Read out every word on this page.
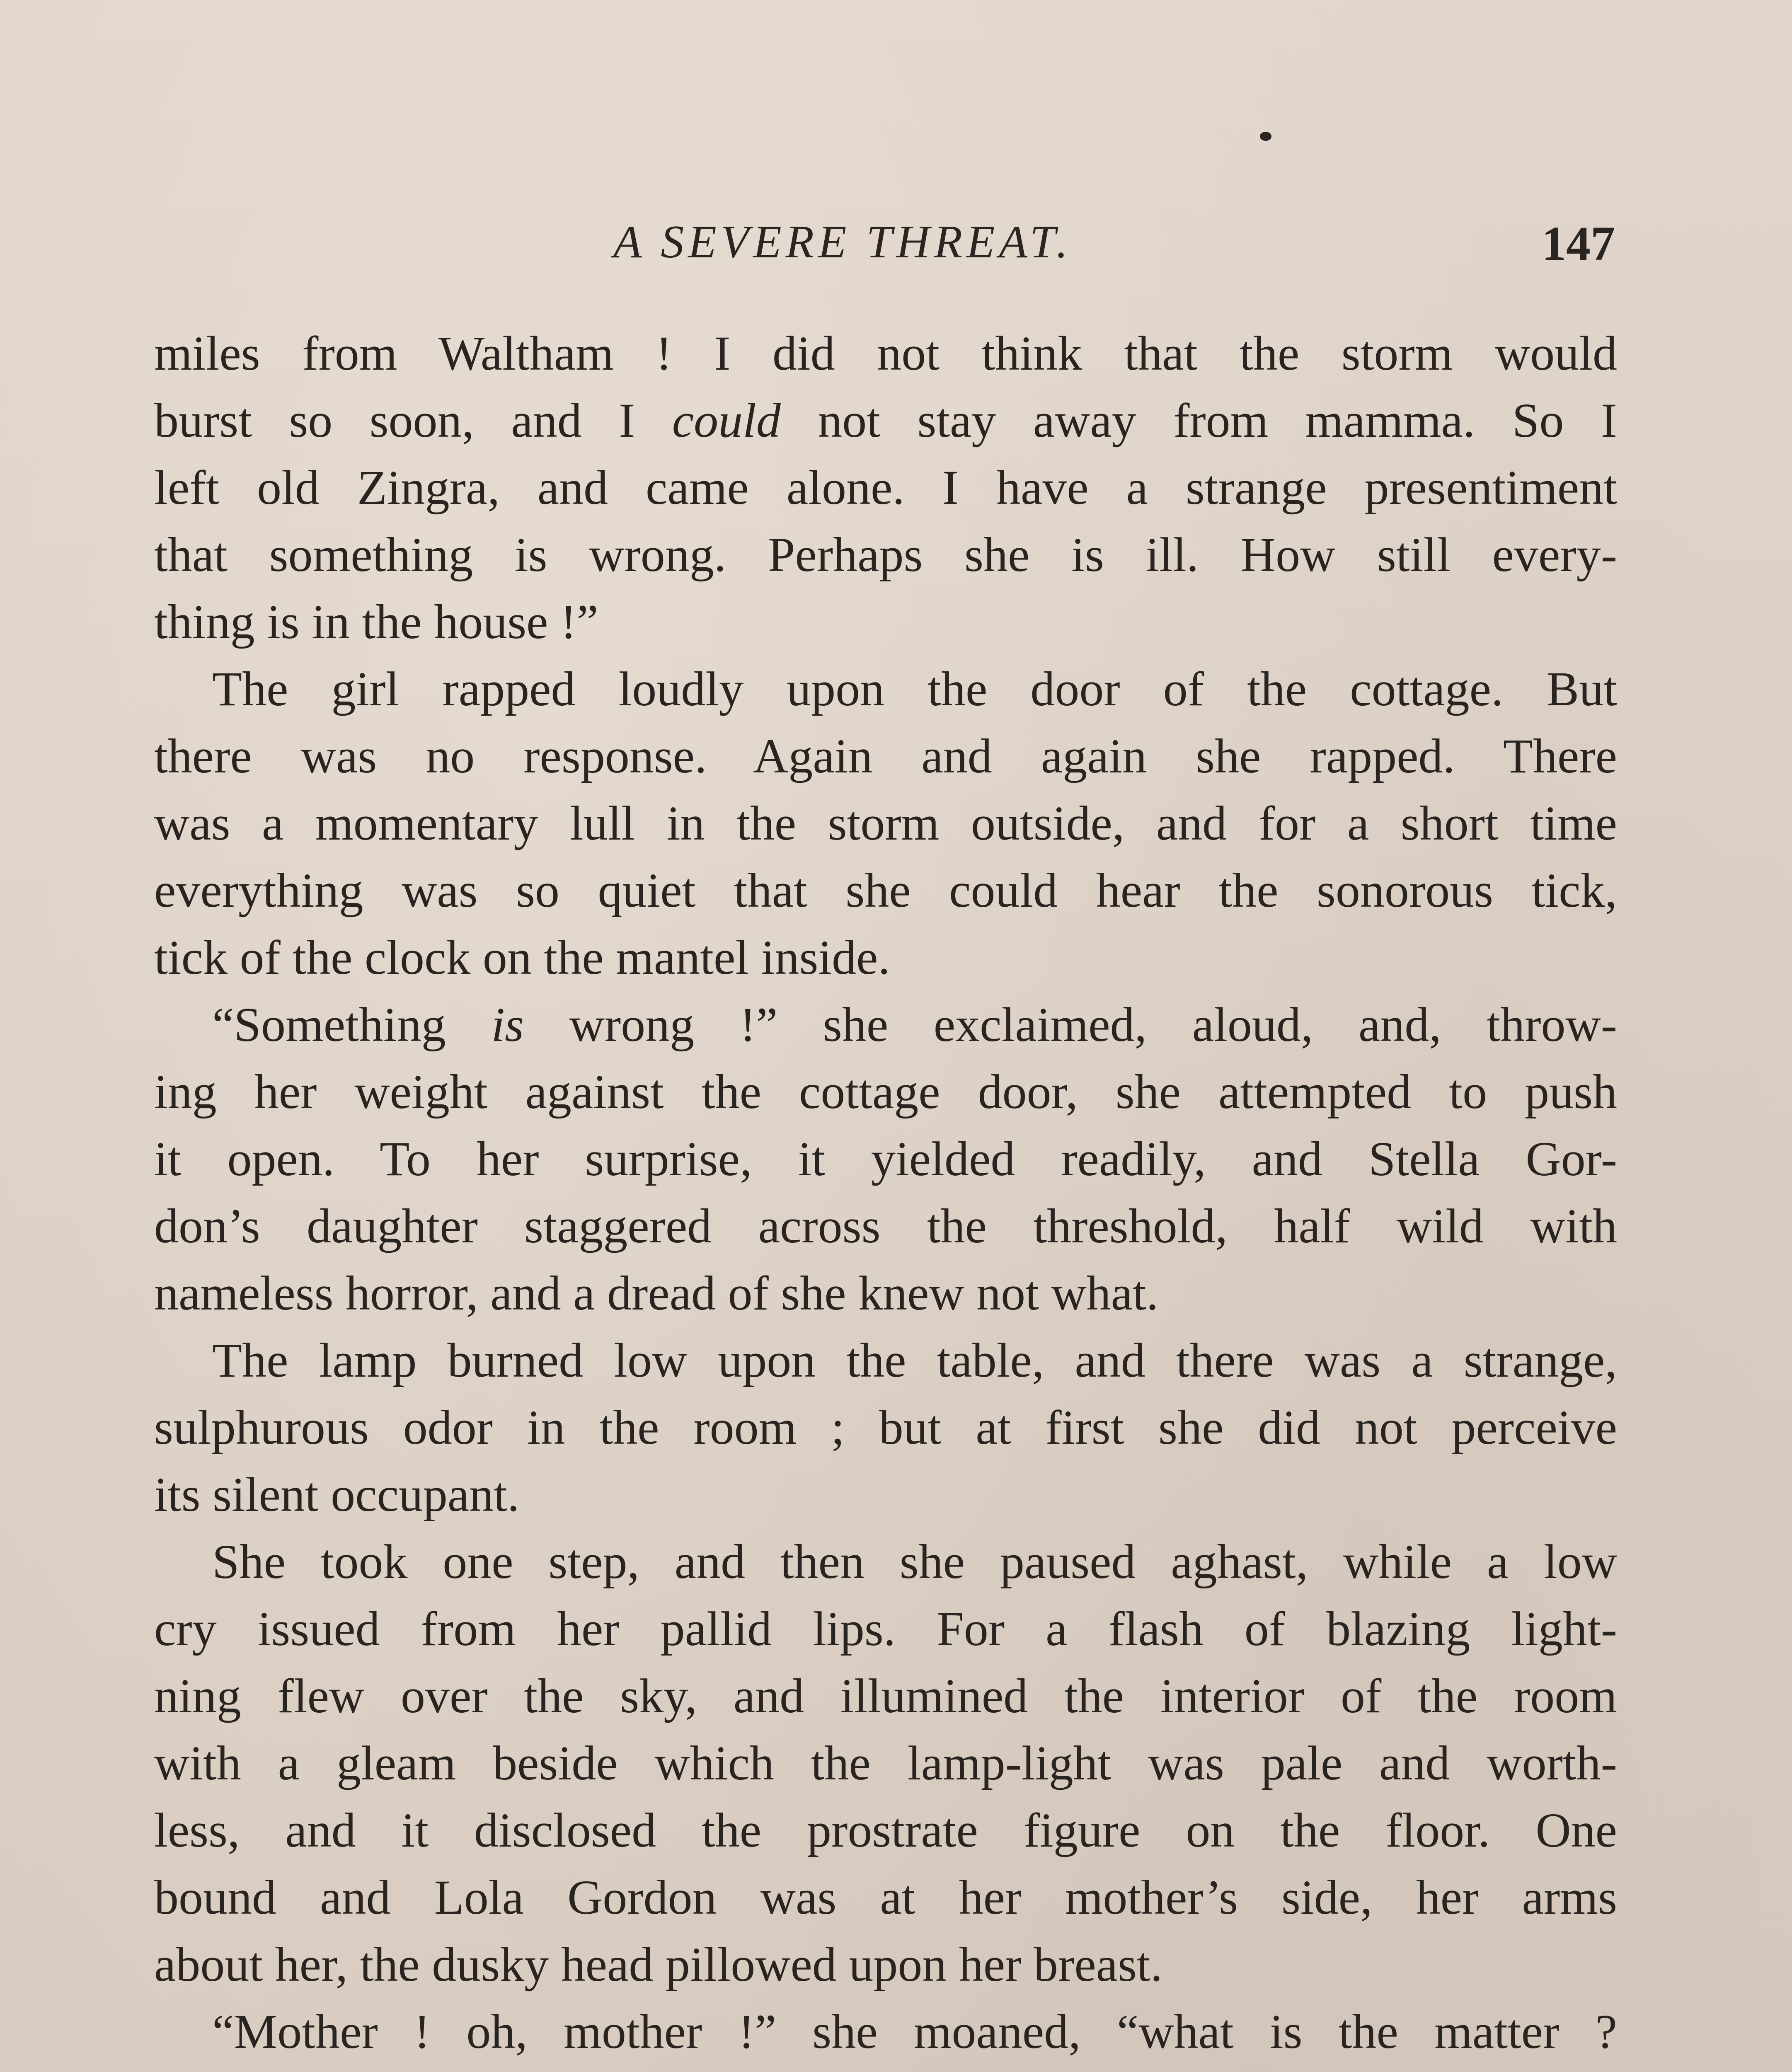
A SEVERE THREAT.	147
miles from Waltham ! I did not think that the storm would
burst so soon, and I could not stay away from mamma. So I
left old Zingra, and came alone. I have a strange presentiment
that something is wrong. Perhaps she is ill. How still every-
thing is in the house !”
The girl rapped loudly upon the door of the cottage. But
there was no response. Again and again she rapped. There
was a momentary lull in the storm outside, and for a short time
everything was so quiet that she could hear the sonorous tick,
tick of the clock on the mantel inside.
“Something is wrong !” she exclaimed, aloud, and, throw-
ing her weight against the cottage door, she attempted to push
it open. To her surprise, it yielded readily, and Stella Gor-
don’s daughter staggered across the threshold, half wild with
nameless horror, and a dread of she knew not what.
The lamp burned low upon the table, and there was a strange,
sulphurous odor in the room ; but at first she did not perceive
its silent occupant.
She took one step, and then she paused aghast, while a low
cry issued from her pallid lips. For a flash of blazing light-
ning flew over the sky, and illumined the interior of the room
with a gleam beside which the lamp-light was pale and worth-
less, and it disclosed the prostrate figure on the floor. One
bound and Lola Gordon was at her mother’s side, her arms
about her, the dusky head pillowed upon her breast.
“Mother ! oh, mother !” she moaned, “what is the matter ?
